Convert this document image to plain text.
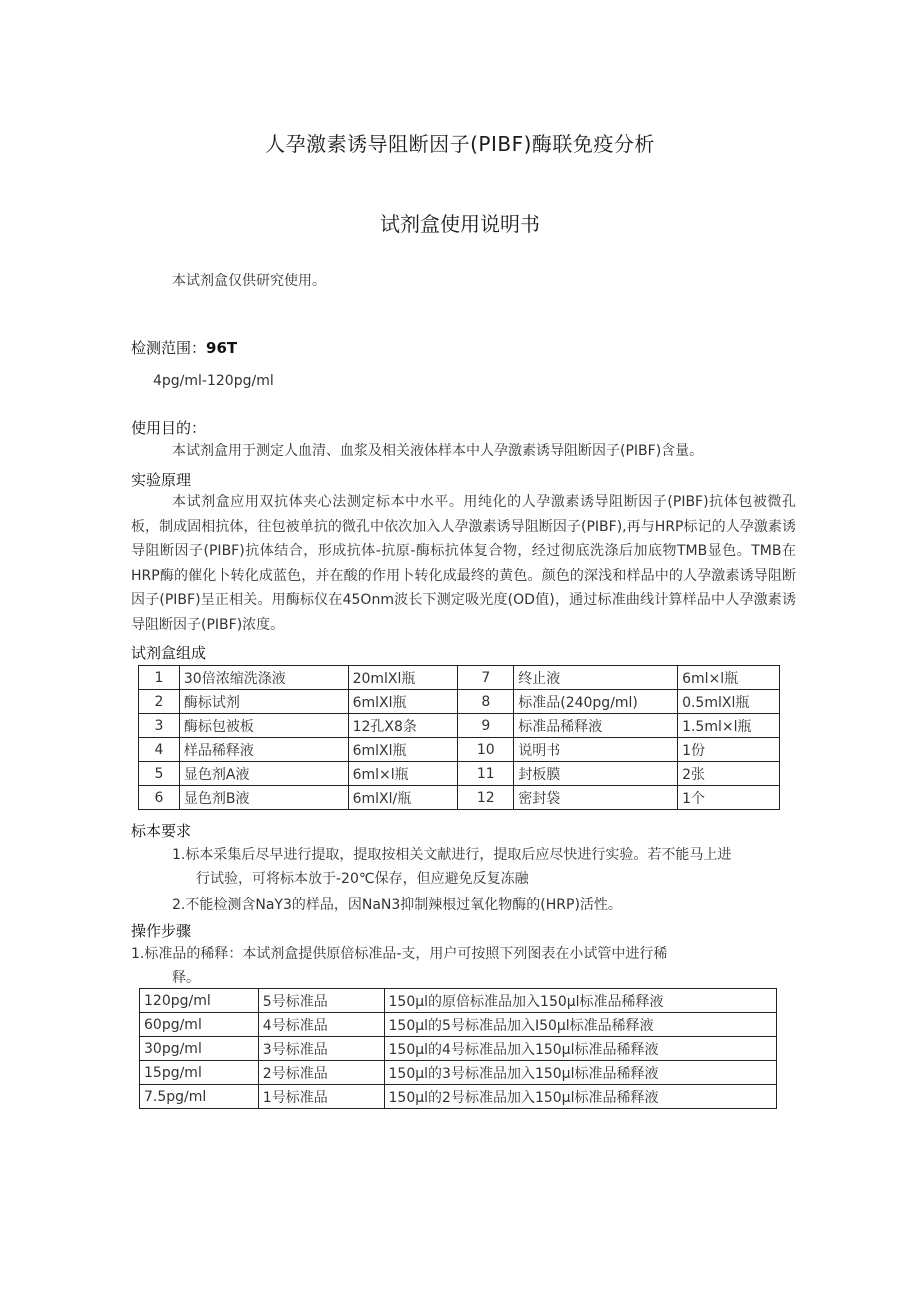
人孕激素诱导阻断因子(PIBF)酶联免疫分析
试剂盒使用说明书
本试剂盒仅供研究使用。
检测范围：96T
4pg∕ml-120pg∕ml
使用目的：
本试剂盒用于测定人血清、血浆及相关液体样本中人孕激素诱导阻断因子(PIBF)含量。
实验原理
本试剂盒应用双抗体夹心法测定标本中水平。用纯化的人孕激素诱导阻断因子(PIBF)抗体包被微孔板，制成固相抗体，往包被单抗的微孔中依次加入人孕激素诱导阻断因子(PIBF),再与HRP标记的人孕激素诱导阻断因子(PIBF)抗体结合，形成抗体-抗原-酶标抗体复合物，经过彻底洗涤后加底物TMB显色。TMB在HRP酶的催化卜转化成蓝色，并在酸的作用卜转化成最终的黄色。颜色的深浅和样品中的人孕激素诱导阻断因子(PIBF)呈正相关。用酶标仪在45Onm波长下测定吸光度(OD值)，通过标准曲线计算样品中人孕激素诱导阻断因子(PIBF)浓度。
试剂盒组成
1	30倍浓缩洗涤液	20mlXl瓶	7	终止液	6ml×l瓶
2	酶标试剂	6mlXl瓶	8	标准品(240pg∕ml)	0.5mlXl瓶
3	酶标包被板	12孔X8条	9	标准品稀释液	1.5ml×l瓶
4	样品稀释液	6mlXl瓶	10	说明书	1份
5	显色剂A液	6ml×l瓶	11	封板膜	2张
6	显色剂B液	6mlXl∕瓶	12	密封袋	1个
标本要求
1.标本采集后尽早进行提取，提取按相关文献进行，提取后应尽快进行实验。若不能马上进
行试验，可将标本放于-20℃保存，但应避免反复冻融
2.不能检测含NaY3的样品，因NaN3抑制辣根过氧化物酶的(HRP)活性。
操作步骤
1.标准品的稀释：本试剂盒提供原倍标准品-支，用户可按照下列图表在小试管中进行稀
释。
120pg∕ml	5号标准品	150μl的原倍标准品加入150μl标准品稀释液
60pg∕ml	4号标准品	150μl的5号标准品加入I50μl标准品稀释液
30pg∕ml	3号标准品	150μl的4号标准品加入150μl标准品稀释液
15pg∕ml	2号标准品	150μl的3号标准品加入150μl标准品稀释液
7.5pg∕ml	1号标准品	150μl的2号标准品加入150μl标准品稀释液
